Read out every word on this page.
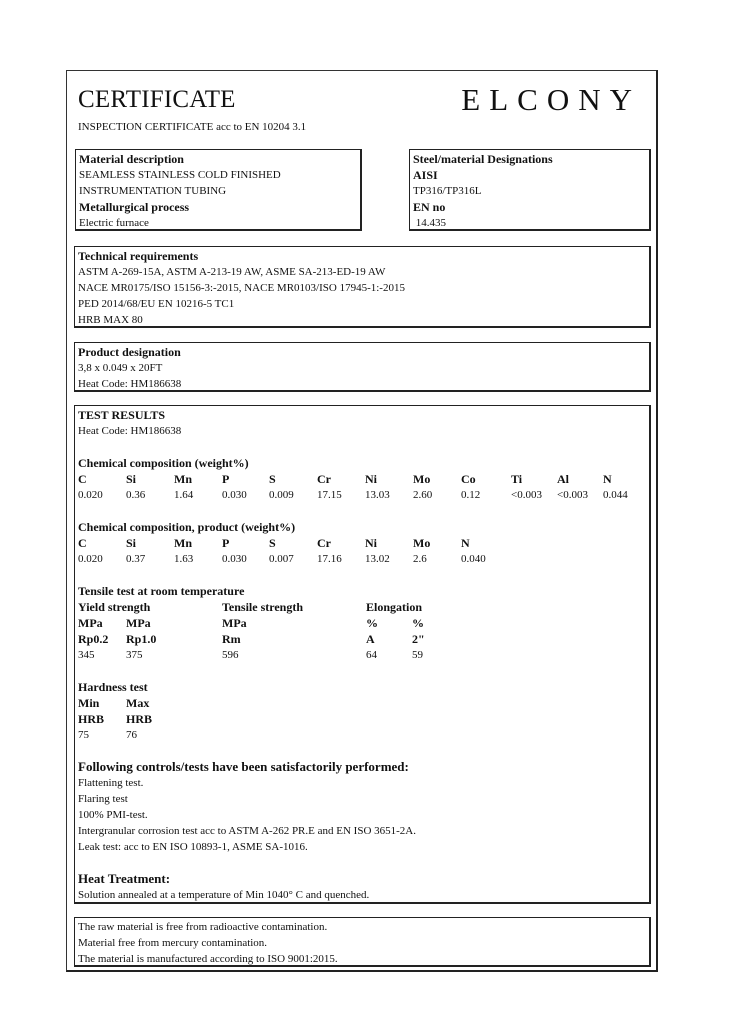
CERTIFICATE	ELCONY
INSPECTION CERTIFICATE acc to EN 10204 3.1
Material description
SEAMLESS STAINLESS COLD FINISHED
INSTRUMENTATION TUBING
Metallurgical process
Electric furnace
Steel/material Designations
AISI
TP316/TP316L
EN no
14.435
Technical requirements
ASTM A-269-15A, ASTM A-213-19 AW, ASME SA-213-ED-19 AW
NACE MR0175/ISO 15156-3:-2015, NACE MR0103/ISO 17945-1:-2015
PED 2014/68/EU EN 10216-5 TC1
HRB MAX 80
Product designation
3,8 x 0.049 x 20FT
Heat Code: HM186638
TEST RESULTS
Heat Code: HM186638
Chemical composition (weight%)
C	Si	Mn	P	S	Cr	Ni	Mo	Co	Ti	Al	N
0.020	0.36	1.64	0.030	0.009	17.15	13.03	2.60	0.12	<0.003	<0.003	0.044
Chemical composition, product (weight%)
C	Si	Mn	P	S	Cr	Ni	Mo	N
0.020	0.37	1.63	0.030	0.007	17.16	13.02	2.6	0.040
Tensile test at room temperature
Yield strength	Tensile strength	Elongation
MPa	MPa	MPa	%	%
Rp0.2	Rp1.0	Rm	A	2"
345	375	596	64	59
Hardness test
Min	Max
HRB	HRB
75	76
Following controls/tests have been satisfactorily performed:
Flattening test.
Flaring test
100% PMI-test.
Intergranular corrosion test acc to ASTM A-262 PR.E and EN ISO 3651-2A.
Leak test: acc to EN ISO 10893-1, ASME SA-1016.
Heat Treatment:
Solution annealed at a temperature of Min 1040° C and quenched.
The raw material is free from radioactive contamination.
Material free from mercury contamination.
The material is manufactured according to ISO 9001:2015.
